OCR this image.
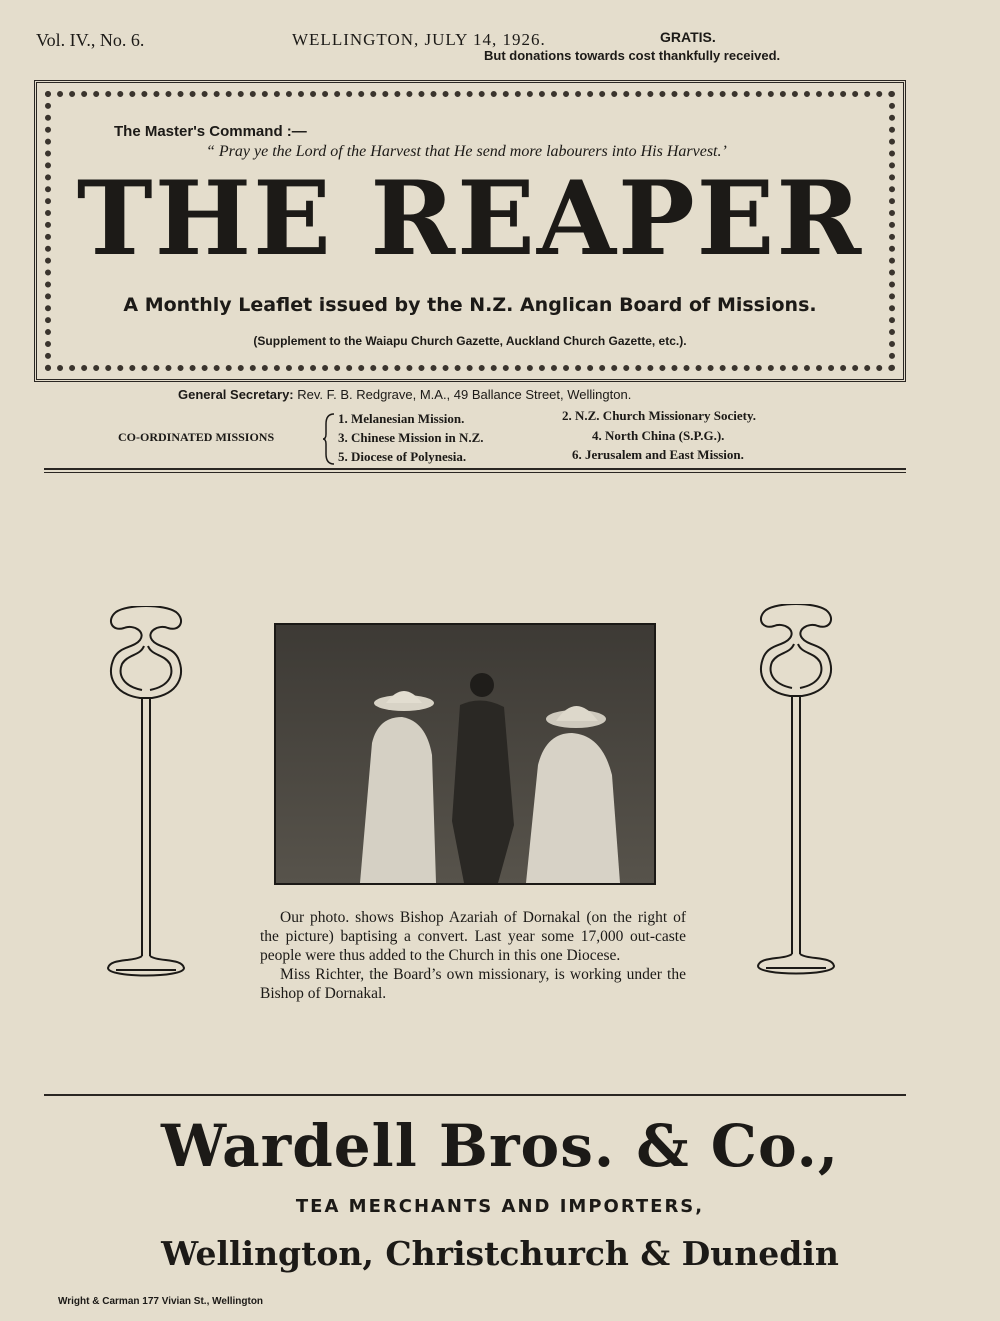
Vol. IV., No. 6.	WELLINGTON, JULY 14, 1926.	GRATIS.
But donations towards cost thankfully received.
The Master's Command :—
“ Pray ye the Lord of the Harvest that He send more labourers into His Harvest.’
THE REAPER
A Monthly Leaflet issued by the N.Z. Anglican Board of Missions.
(Supplement to the Waiapu Church Gazette, Auckland Church Gazette, etc.).
General Secretary: Rev. F. B. Redgrave, M.A., 49 Ballance Street, Wellington.
CO-ORDINATED MISSIONS
1. Melanesian Mission.
3. Chinese Mission in N.Z.
5. Diocese of Polynesia.
2. N.Z. Church Missionary Society.
4. North China (S.P.G.).
6. Jerusalem and East Mission.

Our photo. shows Bishop Azariah of Dornakal (on the right of the picture) baptising a convert. Last year some 17,000 out-caste people were thus added to the Church in this one Diocese.

Miss Richter, the Board’s own missionary, is working under the Bishop of Dornakal.

Wardell Bros. & Co.,
TEA MERCHANTS AND IMPORTERS,
Wellington, Christchurch & Dunedin
Wright & Carman 177 Vivian St., Wellington
